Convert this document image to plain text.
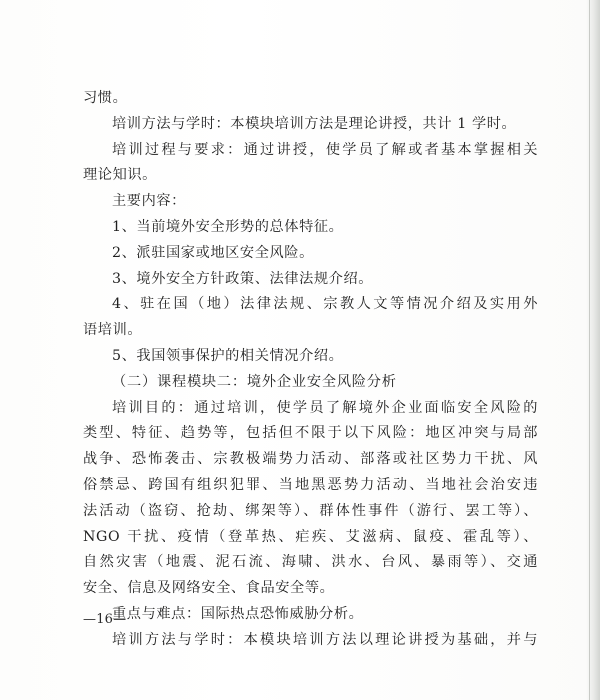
习惯。
培训方法与学时：本模块培训方法是理论讲授，共计 1 学时。
培训过程与要求：通过讲授，使学员了解或者基本掌握相关
理论知识。
主要内容：
1、当前境外安全形势的总体特征。
2、派驻国家或地区安全风险。
3、境外安全方针政策、法律法规介绍。
4、驻在国（地）法律法规、宗教人文等情况介绍及实用外
语培训。
5、我国领事保护的相关情况介绍。
（二）课程模块二：境外企业安全风险分析
培训目的：通过培训，使学员了解境外企业面临安全风险的
类型、特征、趋势等，包括但不限于以下风险：地区冲突与局部
战争、恐怖袭击、宗教极端势力活动、部落或社区势力干扰、风
俗禁忌、跨国有组织犯罪、当地黑恶势力活动、当地社会治安违
法活动（盗窃、抢劫、绑架等）、群体性事件（游行、罢工等）、
NGO 干扰、疫情（登革热、疟疾、艾滋病、鼠疫、霍乱等）、
自然灾害（地震、泥石流、海啸、洪水、台风、暴雨等）、交通
安全、信息及网络安全、食品安全等。
重点与难点：国际热点恐怖威胁分析。
培训方法与学时：本模块培训方法以理论讲授为基础，并与
—16—
